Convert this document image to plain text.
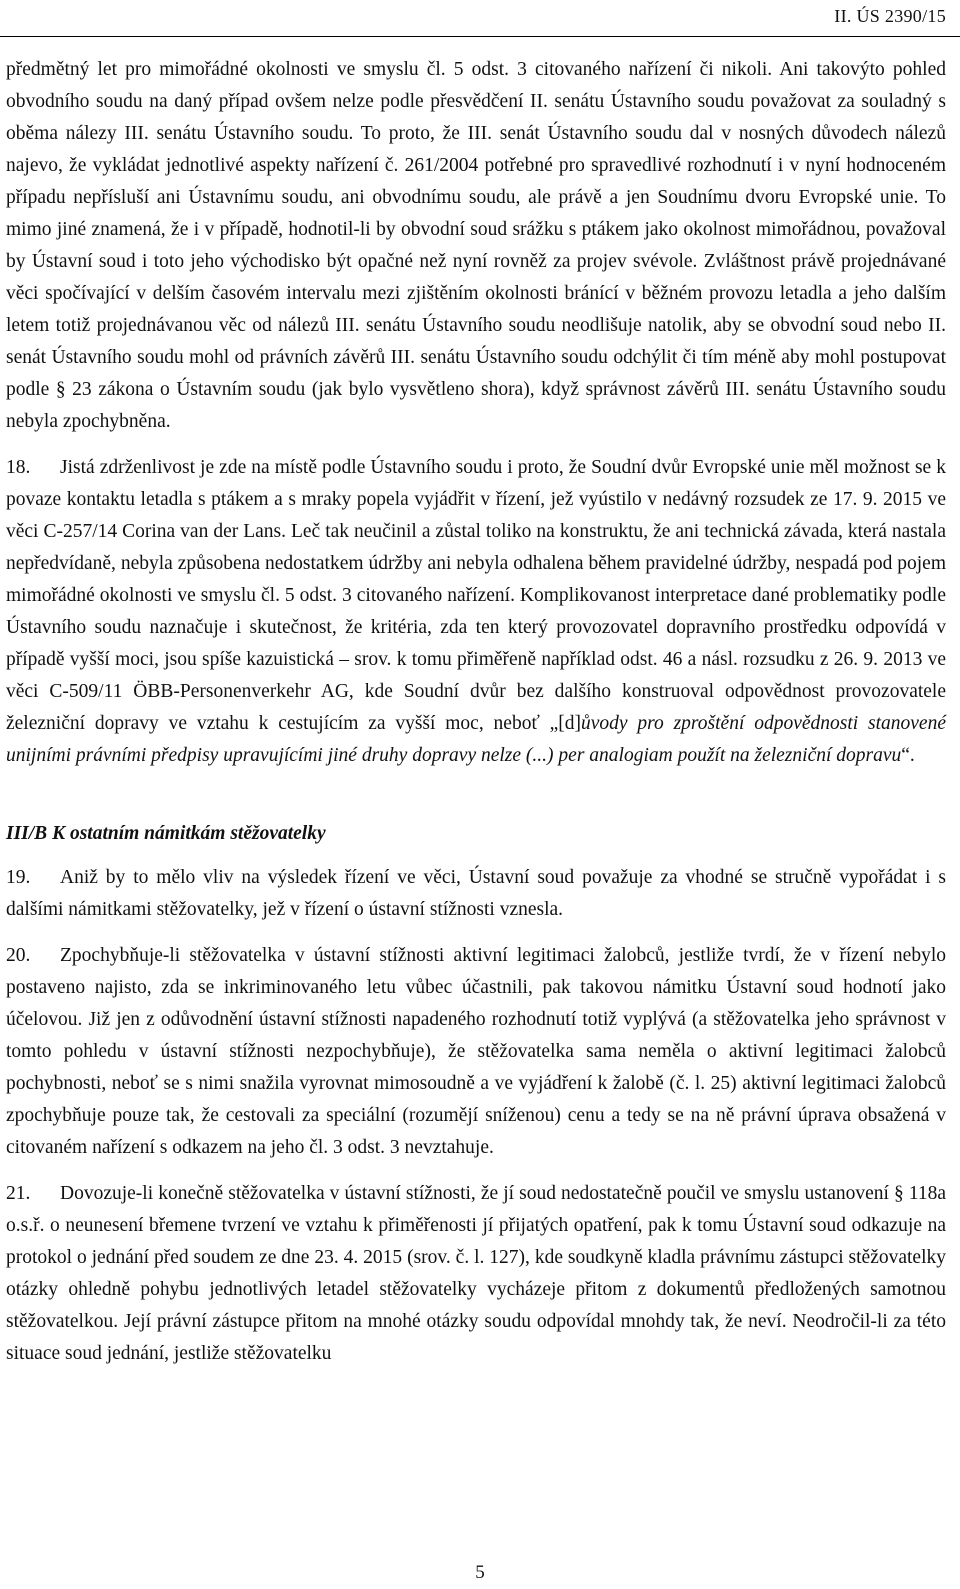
II. ÚS 2390/15

předmětný let pro mimořádné okolnosti ve smyslu čl. 5 odst. 3 citovaného nařízení či nikoli. Ani takovýto pohled obvodního soudu na daný případ ovšem nelze podle přesvědčení II. senátu Ústavního soudu považovat za souladný s oběma nálezy III. senátu Ústavního soudu. To proto, že III. senát Ústavního soudu dal v nosných důvodech nálezů najevo, že vykládat jednotlivé aspekty nařízení č. 261/2004 potřebné pro spravedlivé rozhodnutí i v nyní hodnoceném případu nepřísluší ani Ústavnímu soudu, ani obvodnímu soudu, ale právě a jen Soudnímu dvoru Evropské unie. To mimo jiné znamená, že i v případě, hodnotil-li by obvodní soud srážku s ptákem jako okolnost mimořádnou, považoval by Ústavní soud i toto jeho východisko být opačné než nyní rovněž za projev svévole. Zvláštnost právě projednávané věci spočívající v delším časovém intervalu mezi zjištěním okolnosti bránící v běžném provozu letadla a jeho dalším letem totiž projednávanou věc od nálezů III. senátu Ústavního soudu neodlišuje natolik, aby se obvodní soud nebo II. senát Ústavního soudu mohl od právních závěrů III. senátu Ústavního soudu odchýlit či tím méně aby mohl postupovat podle § 23 zákona o Ústavním soudu (jak bylo vysvětleno shora), když správnost závěrů III. senátu Ústavního soudu nebyla zpochybněna.

18. Jistá zdrženlivost je zde na místě podle Ústavního soudu i proto, že Soudní dvůr Evropské unie měl možnost se k povaze kontaktu letadla s ptákem a s mraky popela vyjádřit v řízení, jež vyústilo v nedávný rozsudek ze 17. 9. 2015 ve věci C-257/14 Corina van der Lans. Leč tak neučinil a zůstal toliko na konstruktu, že ani technická závada, která nastala nepředvídaně, nebyla způsobena nedostatkem údržby ani nebyla odhalena během pravidelné údržby, nespadá pod pojem mimořádné okolnosti ve smyslu čl. 5 odst. 3 citovaného nařízení. Komplikovanost interpretace dané problematiky podle Ústavního soudu naznačuje i skutečnost, že kritéria, zda ten který provozovatel dopravního prostředku odpovídá v případě vyšší moci, jsou spíše kazuistická – srov. k tomu přiměřeně například odst. 46 a násl. rozsudku z 26. 9. 2013 ve věci C-509/11 ÖBB‑Personenverkehr AG, kde Soudní dvůr bez dalšího konstruoval odpovědnost provozovatele železniční dopravy ve vztahu k cestujícím za vyšší moc, neboť „[d]ůvody pro zproštění odpovědnosti stanovené unijními právními předpisy upravujícími jiné druhy dopravy nelze (...) per analogiam použít na železniční dopravu“.

III/B K ostatním námitkám stěžovatelky

19. Aniž by to mělo vliv na výsledek řízení ve věci, Ústavní soud považuje za vhodné se stručně vypořádat i s dalšími námitkami stěžovatelky, jež v řízení o ústavní stížnosti vznesla.

20. Zpochybňuje-li stěžovatelka v ústavní stížnosti aktivní legitimaci žalobců, jestliže tvrdí, že v řízení nebylo postaveno najisto, zda se inkriminovaného letu vůbec účastnili, pak takovou námitku Ústavní soud hodnotí jako účelovou. Již jen z odůvodnění ústavní stížnosti napadeného rozhodnutí totiž vyplývá (a stěžovatelka jeho správnost v tomto pohledu v ústavní stížnosti nezpochybňuje), že stěžovatelka sama neměla o aktivní legitimaci žalobců pochybnosti, neboť se s nimi snažila vyrovnat mimosoudně a ve vyjádření k žalobě (č. l. 25) aktivní legitimaci žalobců zpochybňuje pouze tak, že cestovali za speciální (rozumějí sníženou) cenu a tedy se na ně právní úprava obsažená v citovaném nařízení s odkazem na jeho čl. 3 odst. 3 nevztahuje.

21. Dovozuje-li konečně stěžovatelka v ústavní stížnosti, že jí soud nedostatečně poučil ve smyslu ustanovení § 118a o.s.ř. o neunesení břemene tvrzení ve vztahu k přiměřenosti jí přijatých opatření, pak k tomu Ústavní soud odkazuje na protokol o jednání před soudem ze dne 23. 4. 2015 (srov. č. l. 127), kde soudkyně kladla právnímu zástupci stěžovatelky otázky ohledně pohybu jednotlivých letadel stěžovatelky vycházeje přitom z dokumentů předložených samotnou stěžovatelkou. Její právní zástupce přitom na mnohé otázky soudu odpovídal mnohdy tak, že neví. Neodročil-li za této situace soud jednání, jestliže stěžovatelku

5
